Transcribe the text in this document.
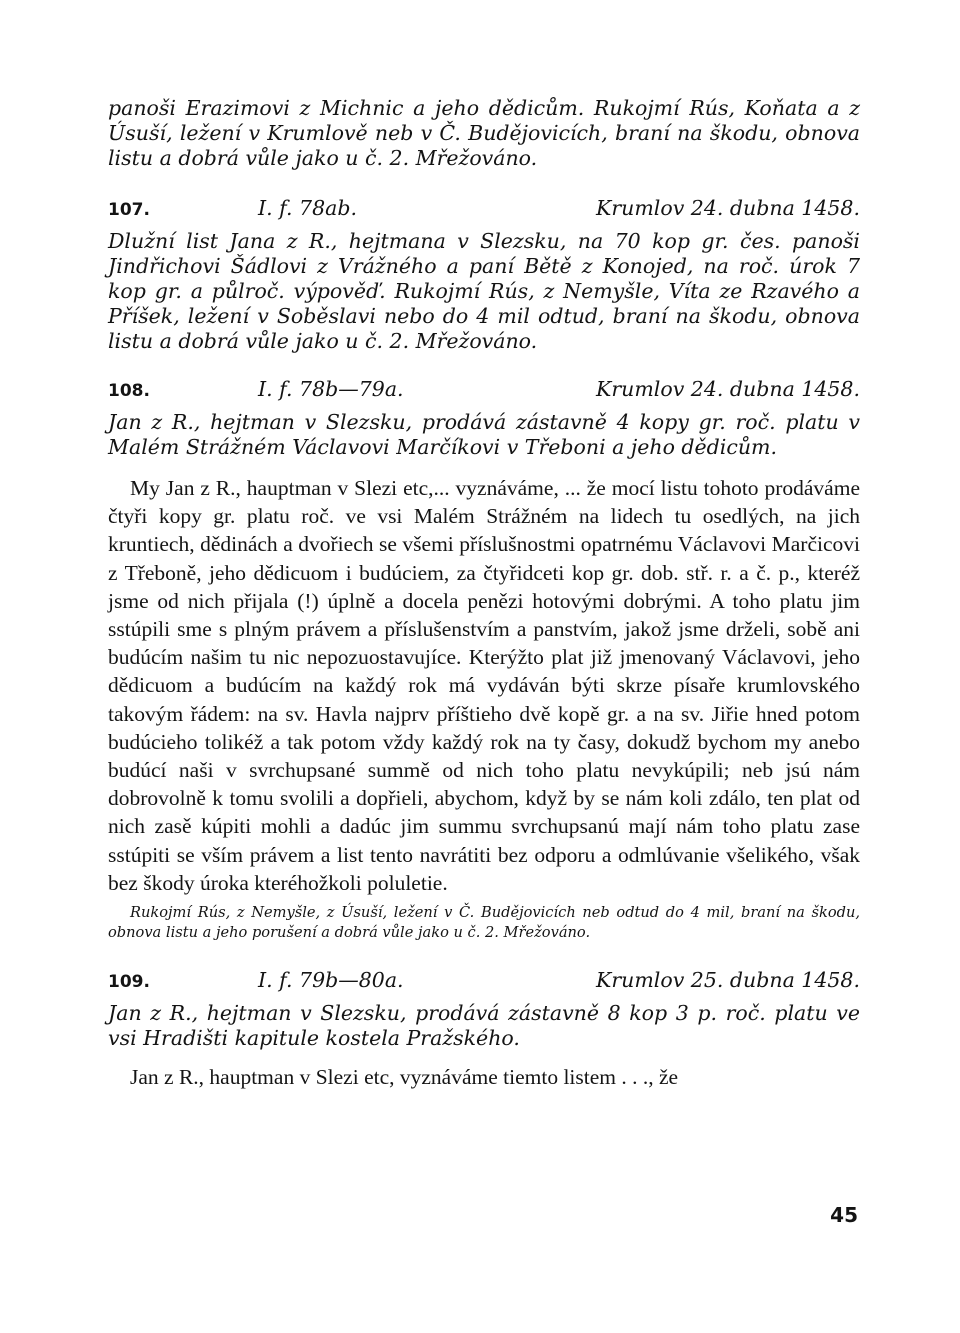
panoši Erazimovi z Michnic a jeho dědicům. Rukojmí Rús, Koňata a z Úsuší, ležení v Krumlově neb v Č. Budějovicích, braní na škodu, obnova listu a dobrá vůle jako u č. 2. Mřežováno.

107.	I. f. 78ab.	Krumlov 24. dubna 1458.

Dlužní list Jana z R., hejtmana v Slezsku, na 70 kop gr. čes. panoši Jindřichovi Šádlovi z Vrážného a paní Bětě z Konojed, na roč. úrok 7 kop gr. a půlroč. výpověď. Rukojmí Rús, z Nemyšle, Víta ze Rzavého a Příšek, ležení v Soběslavi nebo do 4 mil odtud, braní na škodu, obnova listu a dobrá vůle jako u č. 2. Mřežováno.

108.	I. f. 78b—79a.	Krumlov 24. dubna 1458.

Jan z R., hejtman v Slezsku, prodává zástavně 4 kopy gr. roč. platu v Malém Strážném Václavovi Marčíkovi v Třeboni a jeho dědicům.

My Jan z R., hauptman v Slezi etc,... vyznáváme, ... že mocí listu tohoto prodáváme čtyři kopy gr. platu roč. ve vsi Malém Strážném na lidech tu osedlých, na jich kruntiech, dědinách a dvořiech se všemi příslušnostmi opatrnému Václavovi Marčicovi z Třeboně, jeho dědicuom i budúciem, za čtyřidceti kop gr. dob. stř. r. a č. p., kteréž jsme od nich přijala (!) úplně a docela penězi hotovými dobrými. A toho platu jim sstúpili sme s plným právem a příslušenstvím a panstvím, jakož jsme drželi, sobě ani budúcím našim tu nic nepozuostavujíce. Kterýžto plat již jmenovaný Václavovi, jeho dědicuom a budúcím na každý rok má vydáván býti skrze písaře krumlovského takovým řádem: na sv. Havla najprv příštieho dvě kopě gr. a na sv. Jiřie hned potom budúcieho tolikéž a tak potom vždy každý rok na ty časy, dokudž bychom my anebo budúcí naši v svrchupsané summě od nich toho platu nevykúpili; neb jsú nám dobrovolně k tomu svolili a dopřieli, abychom, když by se nám koli zdálo, ten plat od nich zasě kúpiti mohli a dadúc jim summu svrchupsanú mají nám toho platu zase sstúpiti se vším právem a list tento navrátiti bez odporu a odmlúvanie všelikého, však bez škody úroka kteréhožkoli poluletie.

Rukojmí Rús, z Nemyšle, z Úsuší, ležení v Č. Budějovicích neb odtud do 4 mil, braní na škodu, obnova listu a jeho porušení a dobrá vůle jako u č. 2. Mřežováno.

109.	I. f. 79b—80a.	Krumlov 25. dubna 1458.

Jan z R., hejtman v Slezsku, prodává zástavně 8 kop 3 p. roč. platu ve vsi Hradišti kapitule kostela Pražského.

Jan z R., hauptman v Slezi etc, vyznáváme tiemto listem . . ., že

45
